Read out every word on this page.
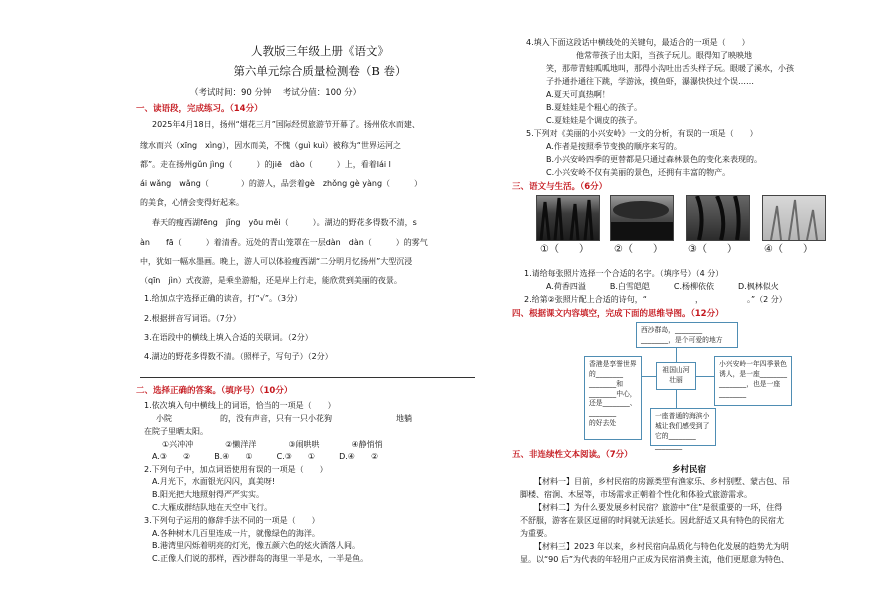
人教版三年级上册《语文》
第六单元综合质量检测卷（B 卷）
（考试时间：90 分钟　 考试分值：100 分）
一、读语段，完成练习。（14分）
2025年4月18日，扬州“烟花三月”国际经贸旅游节开幕了。扬州依水而建、
缘水而兴（xīng　xìng），因水而美，不愧（guì kuì）被称为“世界运河之
都”。走在扬州gǔn jìng（　　　）的jiē　dào（　　　）上，看着lái l
ái wǎng　wǎng（　　　　）的游人，品尝着gè　zhǒng gè yàng（　　　）
的美食，心情会变得好起来。
春天的瘦西湖fēng　jǐng　yōu měi（　　　）。湖边的野花多得数不清，s
àn　　fā（　　　）着清香。远处的青山笼罩在一层dàn　dàn（　　　）的雾气
中，犹如一幅水墨画。晚上，游人可以体验瘦西湖“二分明月忆扬州”大型沉浸
（qīn　jìn）式夜游，是乘坐游船，还是岸上行走，能欣赏到美丽的夜景。
1.给加点字选择正确的读音，打“√”。（3分）
2.根据拼音写词语。（7分）
3.在语段中的横线上填入合适的关联词。（2分）
4.湖边的野花多得数不清。（照样子，写句子）（2分）
二、选择正确的答案。（填序号）（10分）
1.依次填入句中横线上的词语，恰当的一项是（　　）
小院　　　　　　的，没有声音，只有一只小花狗　　　　　　　　地躺
在院子里晒太阳。
①兴冲冲　　　　②懒洋洋　　　　③闹哄哄　　　　④静悄悄
A.③　　②　　　B.④　　①　　　C.③　　①　　　D.④　　②
2.下列句子中，加点词语使用有误的一项是（　　）
A.月光下，水面银光闪闪，真美呀!
B.阳光把大地照射得严严实实。
C.大雁成群结队地在天空中飞行。
3.下列句子运用的修辞手法不同的一项是（　　）
A.各种树木几百里连成一片，就像绿色的海洋。
B.港湾里闪烁着明亮的灯光，像五颜六色的炫火酒落人间。
C.正像人们说的那样，西沙群岛的海里一半是水，一半是鱼。
4.填入下面这段话中横线处的关键句，最适合的一项是（　　）
他常带孩子出太阳，当孩子玩儿。眼得知了映映地
笑，那带青蛙呱呱地叫，那得小沟吐出舌头样子玩。眼暖了溪水，小孩
子扑通扑通往下跳，学游泳，摸鱼虾，瀑瀑快快过个误……
A.夏天可真热啊！
B.夏娃娃是个粗心的孩子。
C.夏娃娃是个调皮的孩子。
5.下列对《美丽的小兴安岭》一文的分析，有误的一项是（　　）
A.作者是按照季节变换的顺序来写的。
B.小兴安岭四季的更替都是只通过森林景色的变化来表现的。
C.小兴安岭不仅有美丽的景色，还拥有丰富的物产。
三、语文与生活。（6分）
①（　　）	②（　　）	③（　　）	④（　　）
1.请给每张照片选择一个合适的名字。（填序号）（4 分）
A.荷香四溢　　　B.白雪皑皑　　　C.杨柳依依　　　D.枫林似火
2.给第②张照片配上合适的诗句，“　　　　　　，　　　　　　。”（2 分）
四、根据课文内容填空，完成下面的思维导图。（12分）
西沙群岛，________
________，是个可爱的地方
香港是享誉世界的________
________和
________中心，
还是________、
________
的好去处
祖国山河壮丽
小兴安岭一年四季景色诱人，是一座________ ________，也是一座________
一座普通的海滨小城让我们感受到了它的________ ________
五、非连续性文本阅读。（7分）
乡村民宿
【材料一】目前，乡村民宿的房源类型有渔家乐、乡村别墅、蒙古包、吊
脚楼、宿涧、木屋等，市场需求正朝着个性化和体验式旅游需求。
【材料二】为什么要发展乡村民宿？旅游中“住”是很重要的一环，住得
不舒服，游客在景区逗留的时间就无法延长。因此舒适又具有特色的民宿尤
为重要。
【材料三】2023 年以来，乡村民宿向品质化与特色化发展的趋势尤为明
显。以“90 后”为代表的年轻用户正成为民宿消费主流，他们更愿意为特色、
